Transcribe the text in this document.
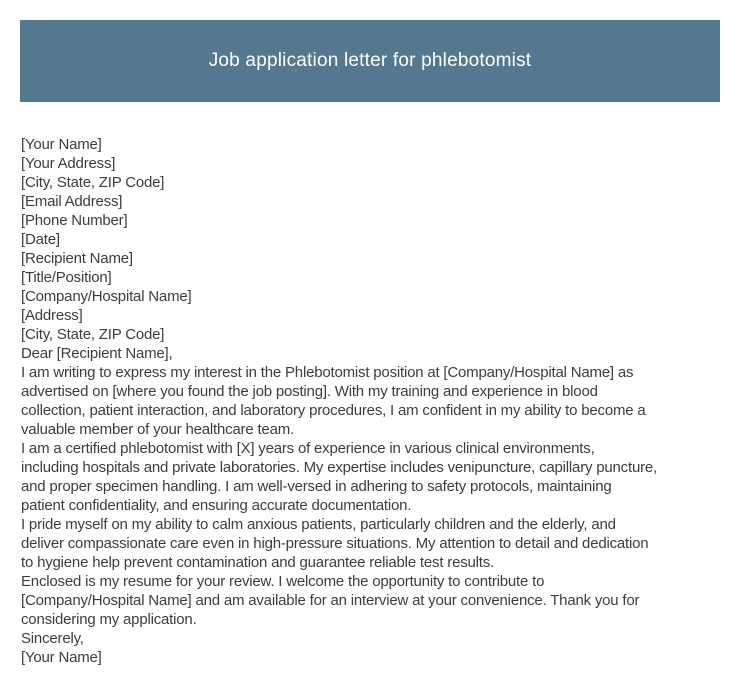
Job application letter for phlebotomist
[Your Name]
[Your Address]
[City, State, ZIP Code]
[Email Address]
[Phone Number]
[Date]
[Recipient Name]
[Title/Position]
[Company/Hospital Name]
[Address]
[City, State, ZIP Code]
Dear [Recipient Name],
I am writing to express my interest in the Phlebotomist position at [Company/Hospital Name] as
advertised on [where you found the job posting]. With my training and experience in blood
collection, patient interaction, and laboratory procedures, I am confident in my ability to become a
valuable member of your healthcare team.
I am a certified phlebotomist with [X] years of experience in various clinical environments,
including hospitals and private laboratories. My expertise includes venipuncture, capillary puncture,
and proper specimen handling. I am well-versed in adhering to safety protocols, maintaining
patient confidentiality, and ensuring accurate documentation.
I pride myself on my ability to calm anxious patients, particularly children and the elderly, and
deliver compassionate care even in high-pressure situations. My attention to detail and dedication
to hygiene help prevent contamination and guarantee reliable test results.
Enclosed is my resume for your review. I welcome the opportunity to contribute to
[Company/Hospital Name] and am available for an interview at your convenience. Thank you for
considering my application.
Sincerely,
[Your Name]
